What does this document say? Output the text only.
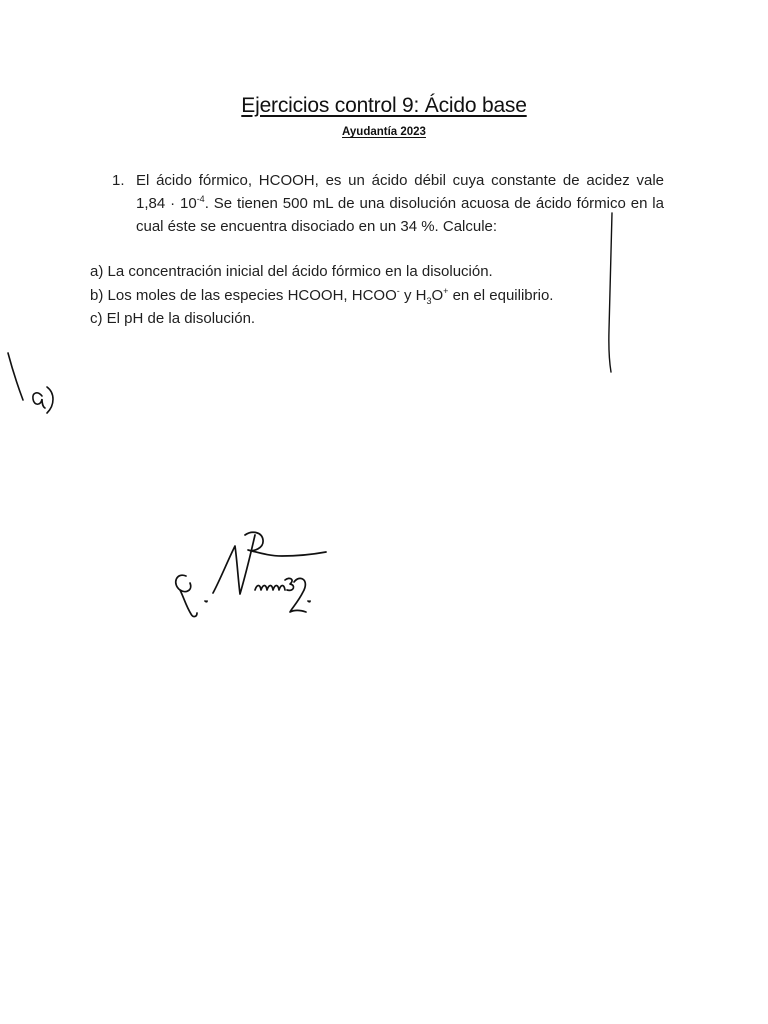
Ejercicios control 9: Ácido base
Ayudantía 2023
1. El ácido fórmico, HCOOH, es un ácido débil cuya constante de acidez vale $1,84 \cdot 10^{-4}$. Se tienen 500 mL de una disolución acuosa de ácido fórmico en la cual éste se encuentra disociado en un 34 %. Calcule:
a) La concentración inicial del ácido fórmico en la disolución.
b) Los moles de las especies HCOOH, HCOO- y $H_3O^+$ en el equilibrio.
c) El pH de la disolución.
